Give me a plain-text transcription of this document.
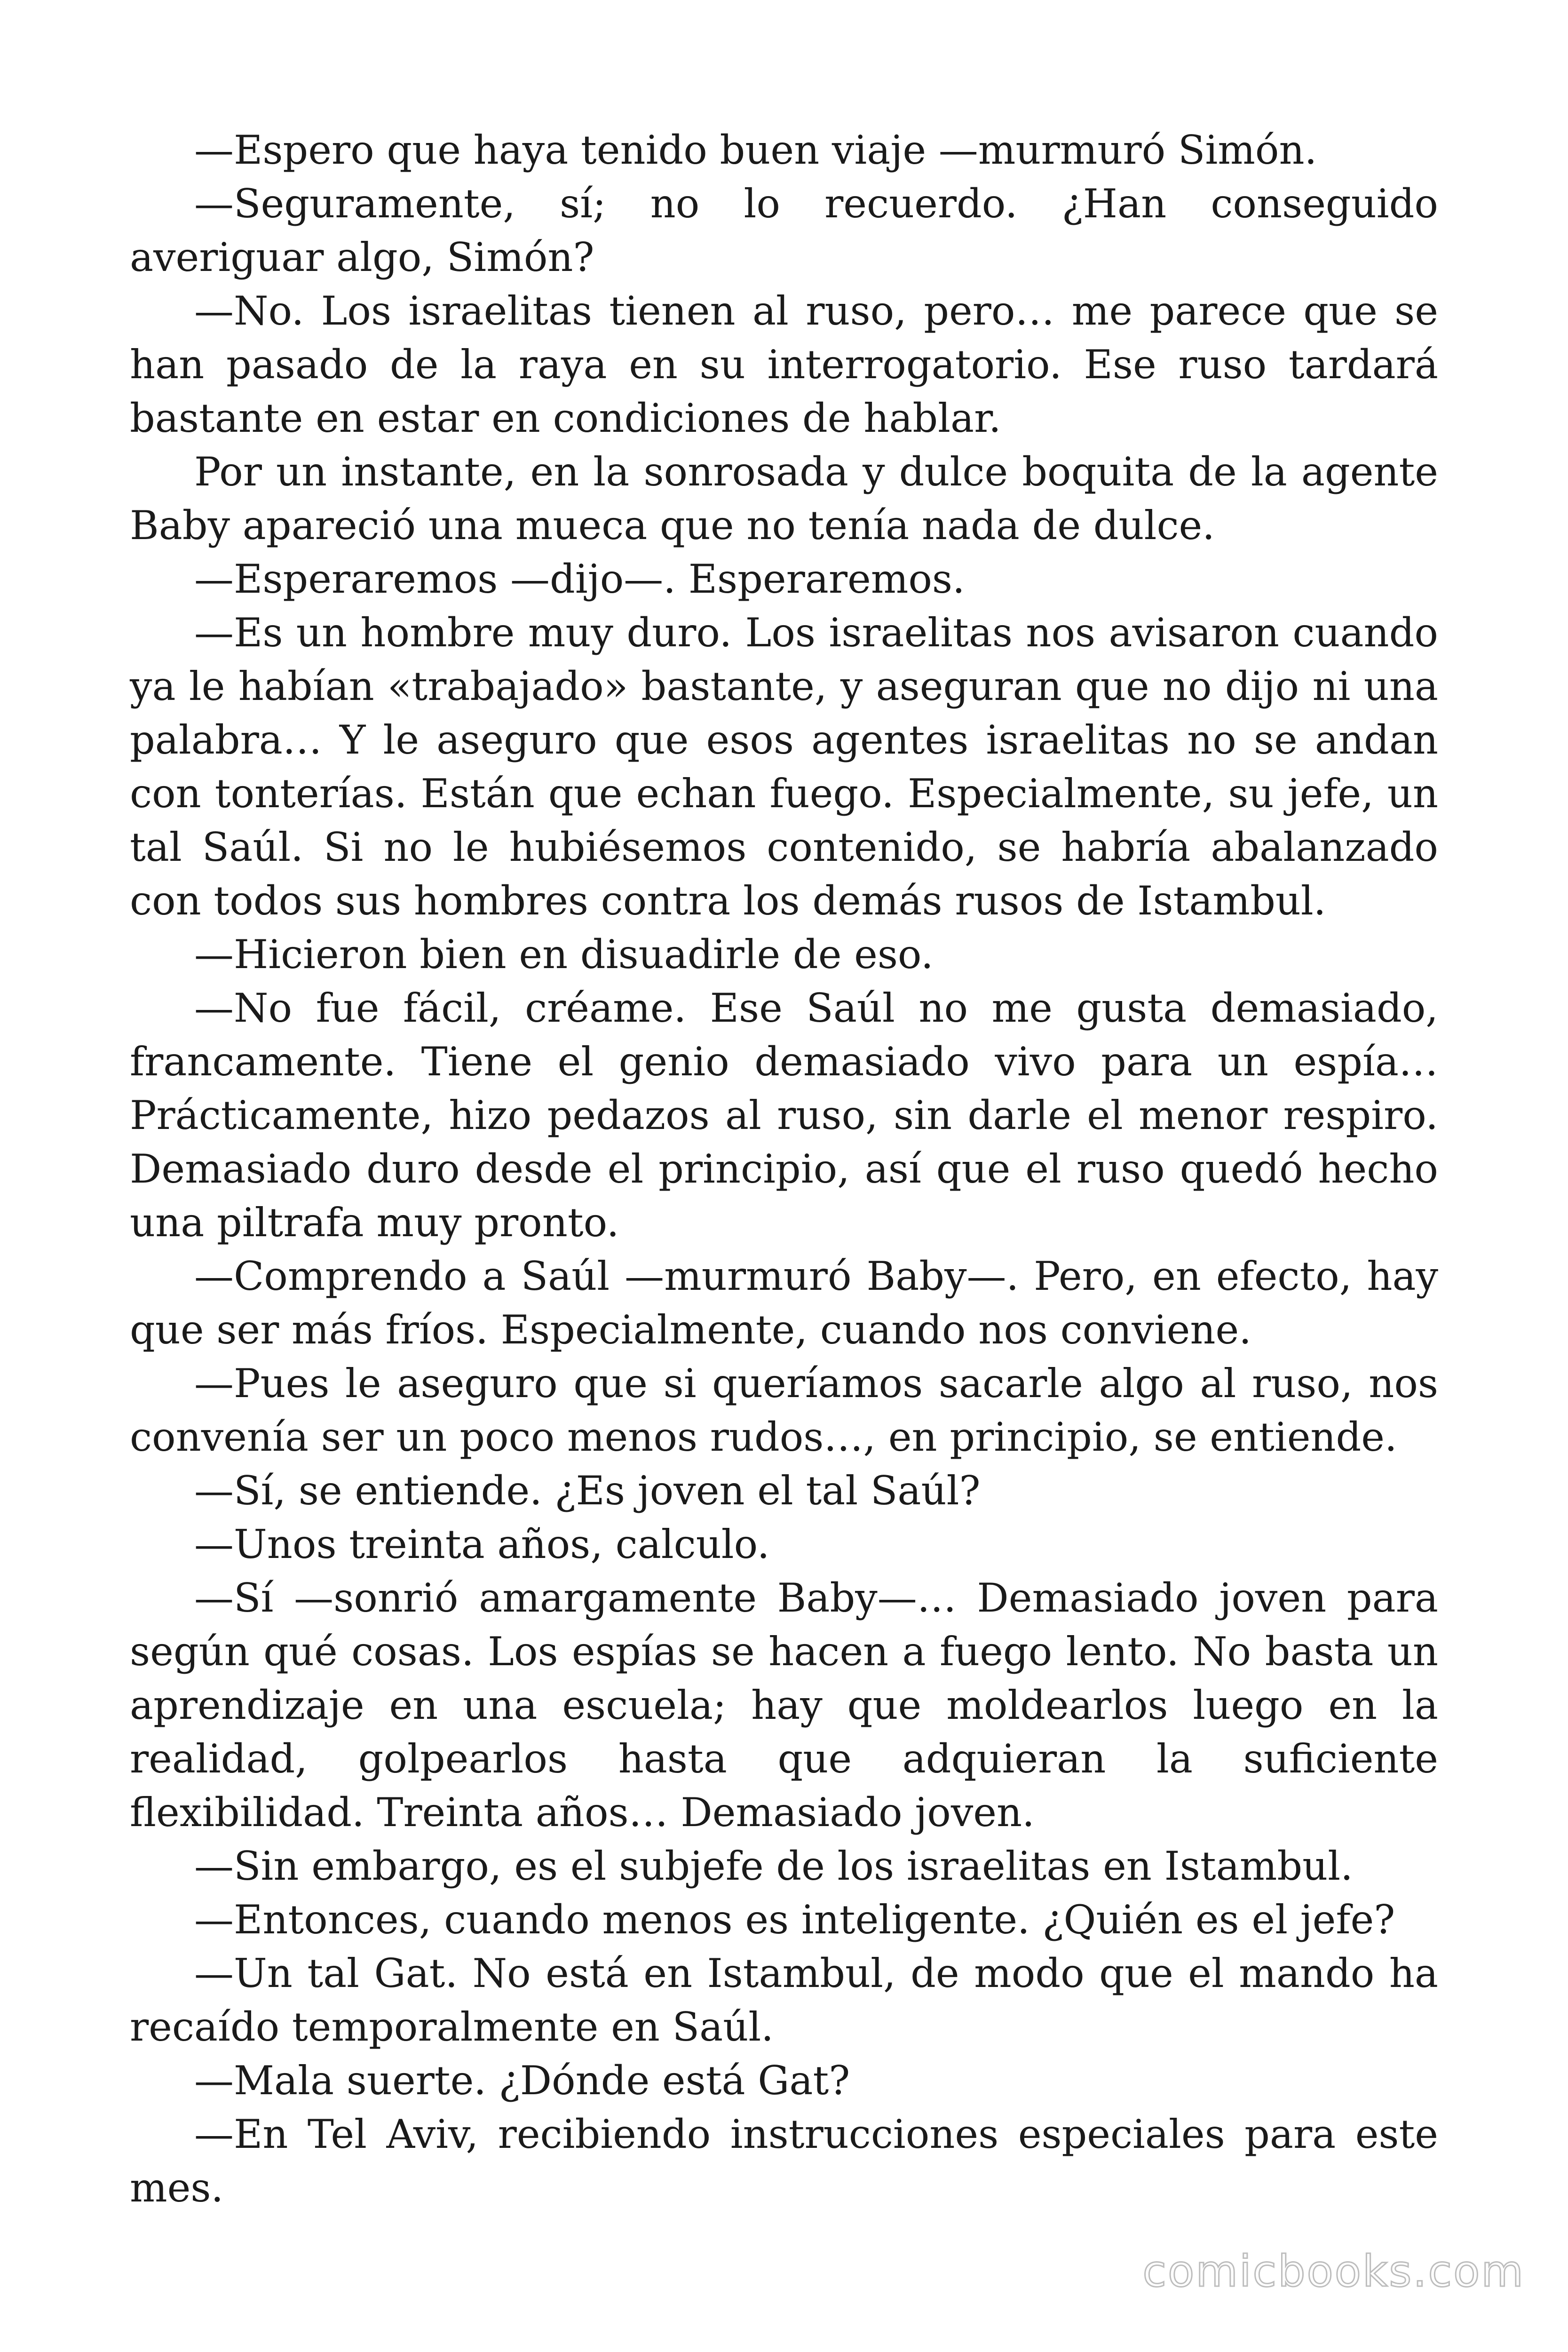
—Espero que haya tenido buen viaje —murmuró Simón.

—Seguramente, sí; no lo recuerdo. ¿Han conseguido averiguar algo, Simón?

—No. Los israelitas tienen al ruso, pero… me parece que se han pasado de la raya en su interrogatorio. Ese ruso tardará bastante en estar en condiciones de hablar.

Por un instante, en la sonrosada y dulce boquita de la agente Baby apareció una mueca que no tenía nada de dulce.

—Esperaremos —dijo—. Esperaremos.

—Es un hombre muy duro. Los israelitas nos avisaron cuando ya le habían «trabajado» bastante, y aseguran que no dijo ni una palabra… Y le aseguro que esos agentes israelitas no se andan con tonterías. Están que echan fuego. Especialmente, su jefe, un tal Saúl. Si no le hubiésemos contenido, se habría abalanzado con todos sus hombres contra los demás rusos de Istambul.

—Hicieron bien en disuadirle de eso.

—No fue fácil, créame. Ese Saúl no me gusta demasiado, francamente. Tiene el genio demasiado vivo para un espía… Prácticamente, hizo pedazos al ruso, sin darle el menor respiro. Demasiado duro desde el principio, así que el ruso quedó hecho una piltrafa muy pronto.

—Comprendo a Saúl —murmuró Baby—. Pero, en efecto, hay que ser más fríos. Especialmente, cuando nos conviene.

—Pues le aseguro que si queríamos sacarle algo al ruso, nos convenía ser un poco menos rudos…, en principio, se entiende.

—Sí, se entiende. ¿Es joven el tal Saúl?

—Unos treinta años, calculo.

—Sí —sonrió amargamente Baby—… Demasiado joven para según qué cosas. Los espías se hacen a fuego lento. No basta un aprendizaje en una escuela; hay que moldearlos luego en la realidad, golpearlos hasta que adquieran la suficiente flexibilidad. Treinta años… Demasiado joven.

—Sin embargo, es el subjefe de los israelitas en Istambul.

—Entonces, cuando menos es inteligente. ¿Quién es el jefe?

—Un tal Gat. No está en Istambul, de modo que el mando ha recaído temporalmente en Saúl.

—Mala suerte. ¿Dónde está Gat?

—En Tel Aviv, recibiendo instrucciones especiales para este mes.

comicbooks.com
